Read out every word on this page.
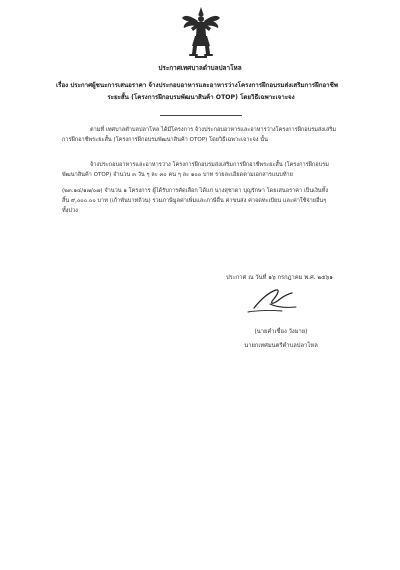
ประกาศเทศบาลตำบลปลาโหล
เรื่อง ประกาศผู้ชนะการเสนอราคา จ้างประกอบอาหารและอาหารว่างโครงการฝึกอบรมส่งเสริมการฝึกอาชีพ
ระยะสั้น (โครงการฝึกอบรมพัฒนาสินค้า OTOP) โดยวิธีเฉพาะเจาะจง
ตามที่ เทศบาลตำบลปลาโหล ได้มีโครงการ จ้างประกอบอาหารและอาหารว่างโครงการฝึกอบรมส่งเสริม
การฝึกอาชีพระยะสั้น (โครงการฝึกอบรมพัฒนาสินค้า OTOP) โดยวิธีเฉพาะเจาะจง นั้น
จ้างประกอบอาหารและอาหารว่าง โครงการฝึกอบรมส่งเสริมการฝึกอาชีพระยะสั้น (โครงการฝึกอบรม
พัฒนาสินค้า OTOP) จำนวน ๓ วัน ๆ ละ ๓๐ คน ๆ ละ ๑๐๐ บาท รายละเอียดตามเอกสารแนบท้าย
(๒๓.๑๔/๑๗/๐๗) จำนวน ๑ โครงการ ผู้ได้รับการคัดเลือก ได้แก่ นางสุชาดา บุญรักษา โดยเสนอราคา เป็นเงินทั้ง
สิ้น ๙,๐๐๐.๐๐ บาท (เก้าพันบาทถ้วน) รวมภาษีมูลค่าเพิ่มและภาษีอื่น ค่าขนส่ง ค่าจดทะเบียน และค่าใช้จ่ายอื่นๆ
ทั้งปวง
ประกาศ ณ วันที่ ๑๖ กรกฎาคม พ.ศ. ๒๕๖๑
(นายคำเชื่อง วังมาย)
นายกเทศมนตรีตำบลปลาโหล
